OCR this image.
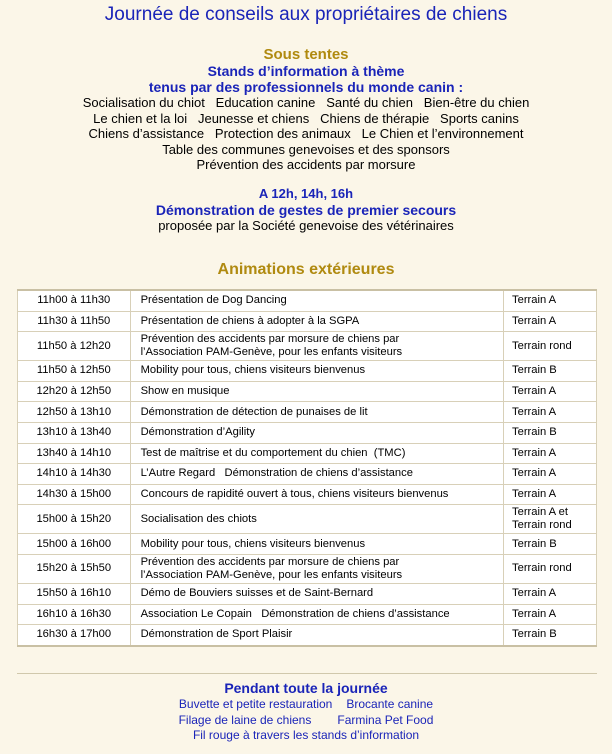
Journée de conseils aux propriétaires de chiens
Sous tentes
Stands d’information à thème
tenus par des professionnels du monde canin :
Socialisation du chiot   Education canine   Santé du chien   Bien-être du chien
Le chien et la loi   Jeunesse et chiens   Chiens de thérapie   Sports canins
Chiens d’assistance   Protection des animaux   Le Chien et l’environnement
Table des communes genevoises et des sponsors
Prévention des accidents par morsure
A 12h, 14h, 16h
Démonstration de gestes de premier secours
proposée par la Société genevoise des vétérinaires
Animations extérieures
11h00 à 11h30	Présentation de Dog Dancing	Terrain A
11h30 à 11h50	Présentation de chiens à adopter à la SGPA	Terrain A
11h50 à 12h20	Prévention des accidents par morsure de chiens par
l’Association PAM-Genève, pour les enfants visiteurs	Terrain rond
11h50 à 12h50	Mobility pour tous, chiens visiteurs bienvenus	Terrain B
12h20 à 12h50	Show en musique	Terrain A
12h50 à 13h10	Démonstration de détection de punaises de lit	Terrain A
13h10 à 13h40	Démonstration d’Agility	Terrain B
13h40 à 14h10	Test de maîtrise et du comportement du chien  (TMC)	Terrain A
14h10 à 14h30	L’Autre Regard   Démonstration de chiens d’assistance	Terrain A
14h30 à 15h00	Concours de rapidité ouvert à tous, chiens visiteurs bienvenus	Terrain A
15h00 à 15h20	Socialisation des chiots	Terrain A et
Terrain rond
15h00 à 16h00	Mobility pour tous, chiens visiteurs bienvenus	Terrain B
15h20 à 15h50	Prévention des accidents par morsure de chiens par
l’Association PAM-Genève, pour les enfants visiteurs	Terrain rond
15h50 à 16h10	Démo de Bouviers suisses et de Saint-Bernard	Terrain A
16h10 à 16h30	Association Le Copain   Démonstration de chiens d’assistance	Terrain A
16h30 à 17h00	Démonstration de Sport Plaisir	Terrain B
Pendant toute la journée
Buvette et petite restauration Brocante canine
Filage de laine de chiens Farmina Pet Food
Fil rouge à travers les stands d’information
